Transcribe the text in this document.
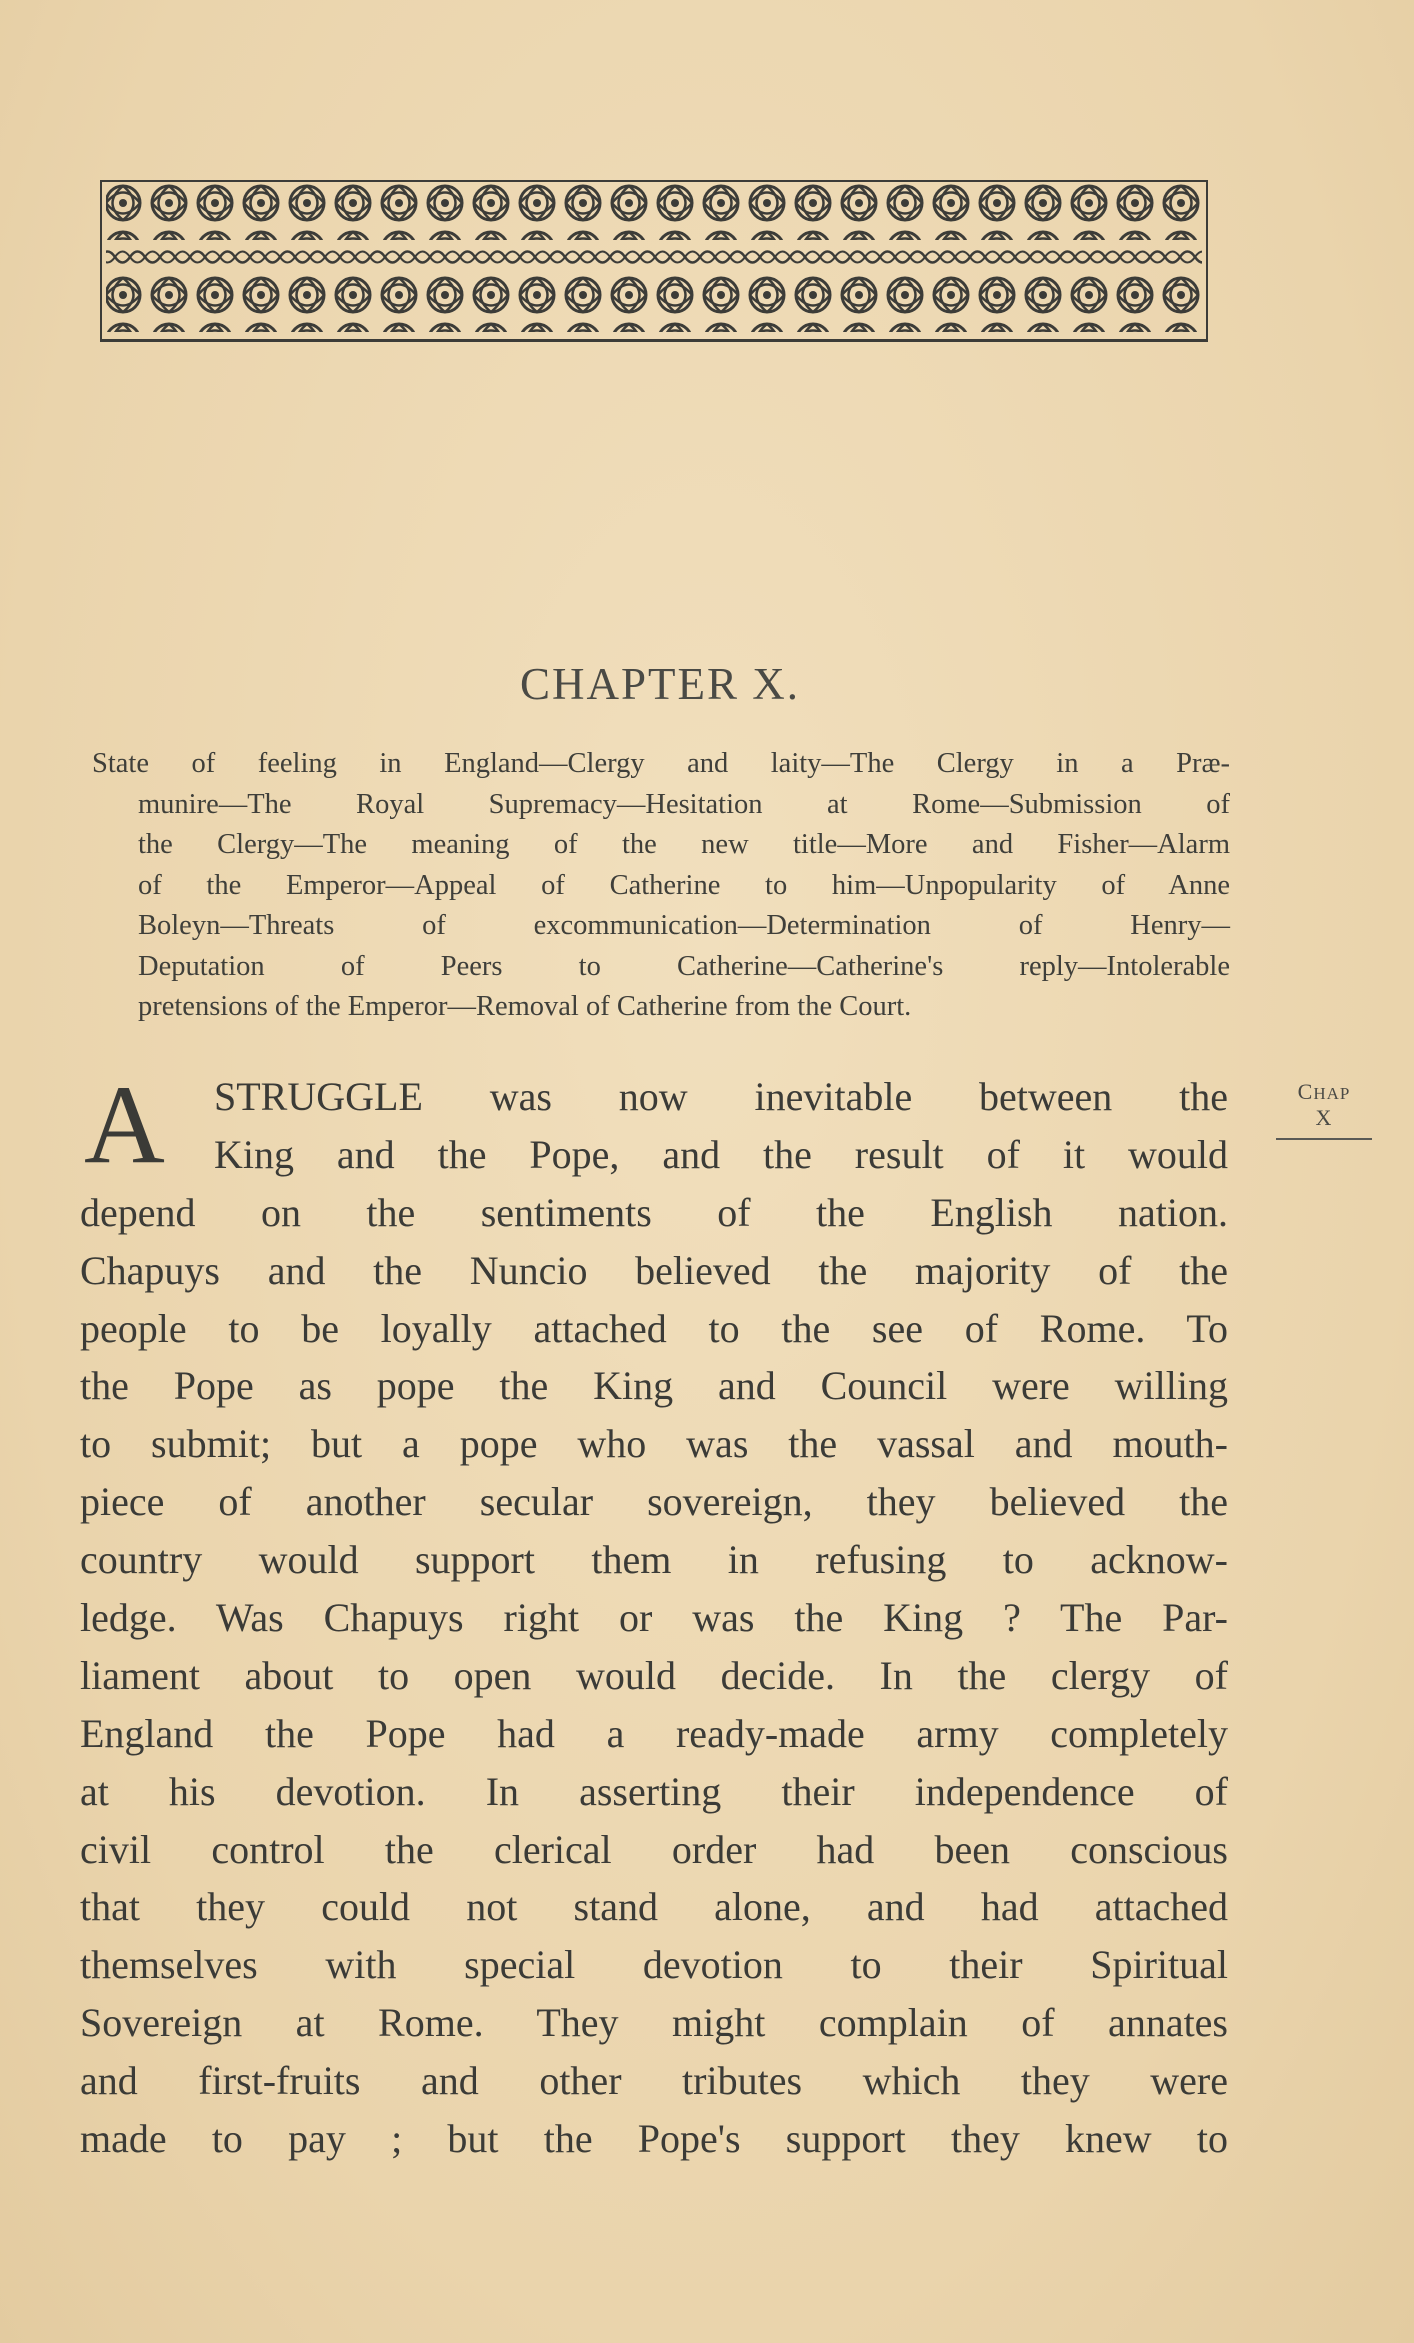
CHAPTER X.
State of feeling in England—Clergy and laity—The Clergy in a Præ-
munire—The Royal Supremacy—Hesitation at Rome—Submission of
the Clergy—The meaning of the new title—More and Fisher—Alarm
of the Emperor—Appeal of Catherine to him—Unpopularity of Anne
Boleyn—Threats of excommunication—Determination of Henry—
Deputation of Peers to Catherine—Catherine's reply—Intolerable
pretensions of the Emperor—Removal of Catherine from the Court.
A	CHAP
X
STRUGGLE was now inevitable between the
King and the Pope, and the result of it would
depend on the sentiments of the English nation.
Chapuys and the Nuncio believed the majority of the
people to be loyally attached to the see of Rome. To
the Pope as pope the King and Council were willing
to submit; but a pope who was the vassal and mouth-
piece of another secular sovereign, they believed the
country would support them in refusing to acknow-
ledge. Was Chapuys right or was the King ? The Par-
liament about to open would decide. In the clergy of
England the Pope had a ready-made army completely
at his devotion. In asserting their independence of
civil control the clerical order had been conscious
that they could not stand alone, and had attached
themselves with special devotion to their Spiritual
Sovereign at Rome. They might complain of annates
and first-fruits and other tributes which they were
made to pay ; but the Pope's support they knew to
